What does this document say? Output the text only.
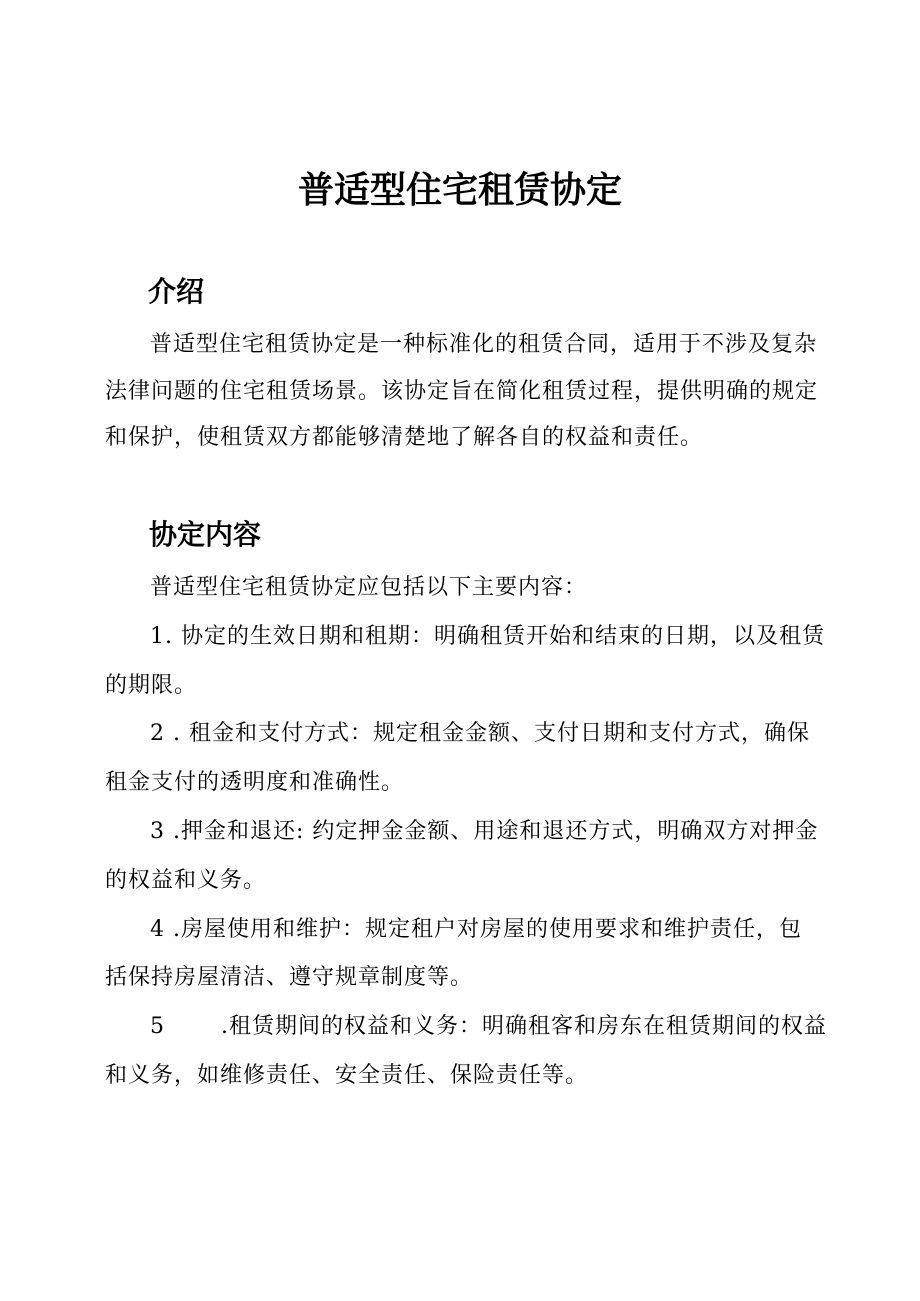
普适型住宅租赁协定
介绍
普适型住宅租赁协定是一种标准化的租赁合同，适用于不涉及复杂
法律问题的住宅租赁场景。该协定旨在简化租赁过程，提供明确的规定
和保护，使租赁双方都能够清楚地了解各自的权益和责任。
协定内容
普适型住宅租赁协定应包括以下主要内容：
1. 协定的生效日期和租期：明确租赁开始和结束的日期，以及租赁
的期限。
2 . 租金和支付方式：规定租金金额、支付日期和支付方式，确保
租金支付的透明度和准确性。
3 .押金和退还: 约定押金金额、用途和退还方式，明确双方对押金
的权益和义务。
4 .房屋使用和维护：规定租户对房屋的使用要求和维护责任，包
括保持房屋清洁、遵守规章制度等。
5       .租赁期间的权益和义务：明确租客和房东在租赁期间的权益
和义务，如维修责任、安全责任、保险责任等。
